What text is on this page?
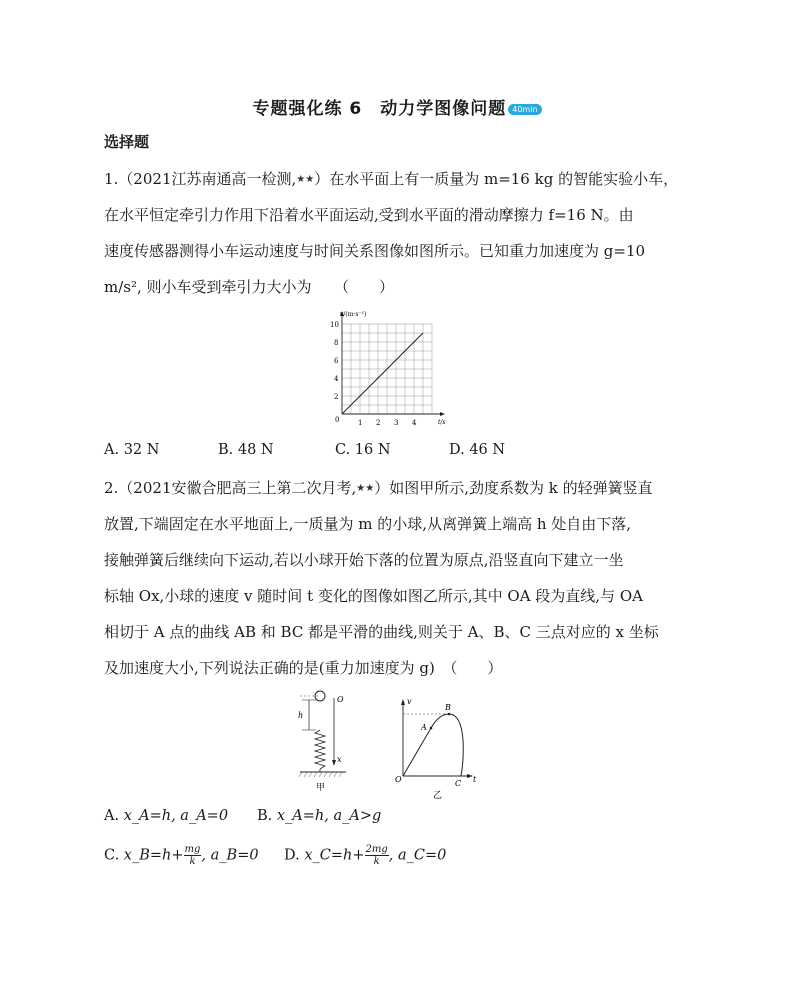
专题强化练 6　动力学图像问题 40min
选择题
1.（2021江苏南通高一检测,★★）在水平面上有一质量为 m=16 kg 的智能实验小车，
在水平恒定牵引力作用下沿着水平面运动,受到水平面的滑动摩擦力 f=16 N。由
速度传感器测得小车运动速度与时间关系图像如图所示。已知重力加速度为 g=10
m/s², 则小车受到牵引力大小为　　（　　）
1 2 3 4
2
4
6
8
10
0	t/s
v/(m·s⁻¹)
A. 32 N	B. 48 N	C. 16 N	D. 46 N
2.（2021安徽合肥高三上第二次月考,★★）如图甲所示,劲度系数为 k 的轻弹簧竖直
放置,下端固定在水平地面上,一质量为 m 的小球,从离弹簧上端高 h 处自由下落,
接触弹簧后继续向下运动,若以小球开始下落的位置为原点,沿竖直向下建立一坐
标轴 Ox,小球的速度 v 随时间 t 变化的图像如图乙所示,其中 OA 段为直线,与 OA
相切于 A 点的曲线 AB 和 BC 都是平滑的曲线,则关于 A、B、C 三点对应的 x 坐标
及加速度大小,下列说法正确的是(重力加速度为 g)　（　　）
h
O
x
甲
v
t
O
A
B
C
乙
A. x_A=h, a_A=0 B. x_A=h, a_A>g
C. x_B=h+ $\frac{mg}{k}$ , a_B=0 D. x_C=h+ $\frac{2mg}{k}$ , a_C=0
